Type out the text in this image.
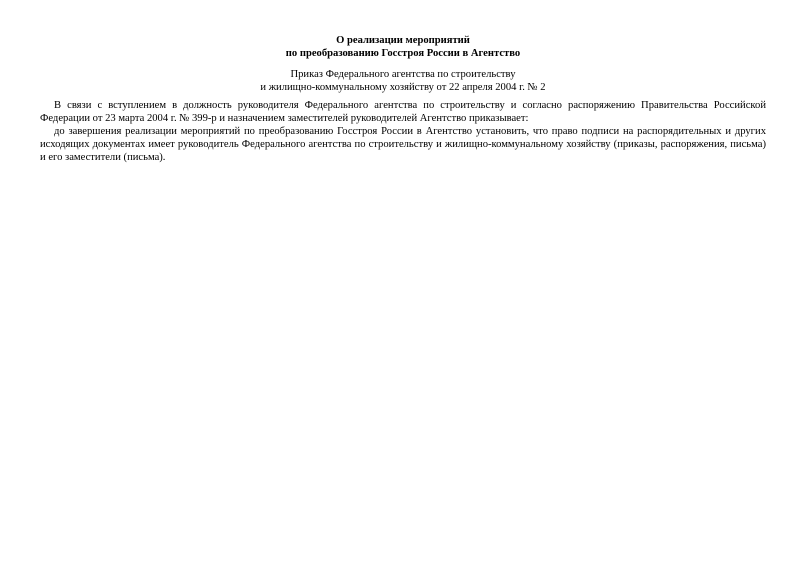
О реализации мероприятий
по преобразованию Госстроя России в Агентство
Приказ Федерального агентства по строительству
и жилищно-коммунальному хозяйству от 22 апреля 2004 г. № 2

В связи с вступлением в должность руководителя Федерального агентства по строительству и согласно распоряжению Правительства Российской Федерации от 23 марта 2004 г. № 399-р и назначением заместителей руководителей Агентство приказывает:

до завершения реализации мероприятий по преобразованию Госстроя России в Агентство установить, что право подписи на распорядительных и других исходящих документах имеет руководитель Федерального агентства по строительству и жилищно-коммунальному хозяйству (приказы, распоряжения, письма) и его заместители (письма).
